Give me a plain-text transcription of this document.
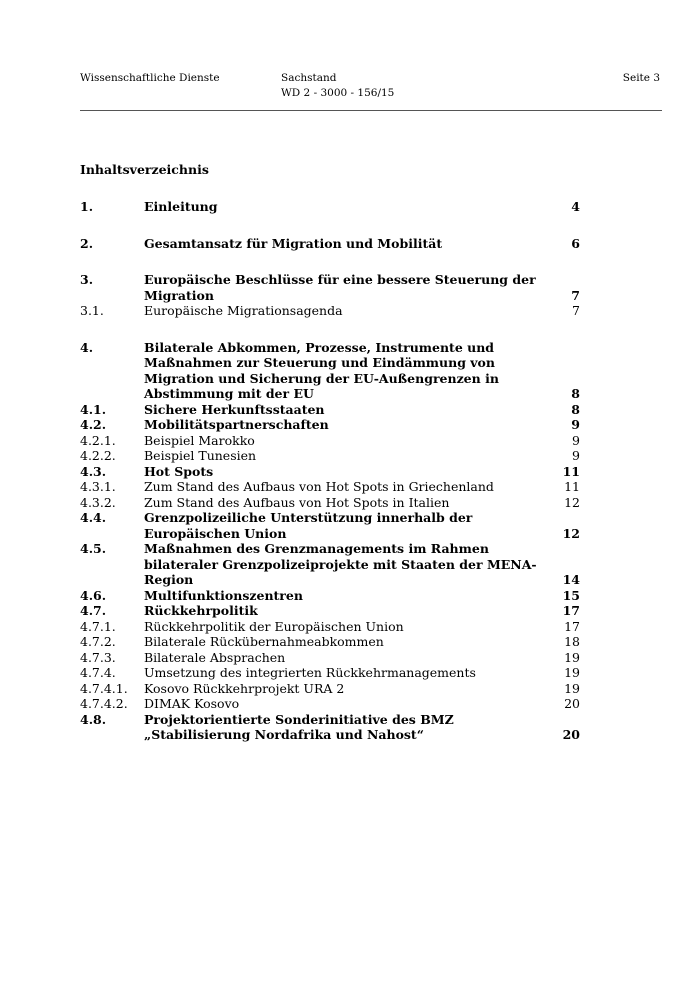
Wissenschaftliche Dienste	Sachstand
WD 2 - 3000 - 156/15
Seite 3
Inhaltsverzeichnis
1.	Einleitung	4
2.	Gesamtansatz für Migration und Mobilität	6
3.	Europäische Beschlüsse für eine bessere Steuerung der Migration	7
3.1.	Europäische Migrationsagenda	7
4.	Bilaterale Abkommen, Prozesse, Instrumente und Maßnahmen zur Steuerung und Eindämmung von Migration und Sicherung der EU-Außengrenzen in Abstimmung mit der EU	8
4.1.	Sichere Herkunftsstaaten	8
4.2.	Mobilitätspartnerschaften	9
4.2.1. Beispiel Marokko	9
4.2.2. Beispiel Tunesien	9
4.3.	Hot Spots	11
4.3.1. Zum Stand des Aufbaus von Hot Spots in Griechenland	11
4.3.2. Zum Stand des Aufbaus von Hot Spots in Italien	12
4.4.	Grenzpolizeiliche Unterstützung innerhalb der Europäischen Union	12
4.5.	Maßnahmen des Grenzmanagements im Rahmen bilateraler Grenzpolizeiprojekte mit Staaten der MENA-Region	14
4.6.	Multifunktionszentren	15
4.7.	Rückkehrpolitik	17
4.7.1. Rückkehrpolitik der Europäischen Union	17
4.7.2. Bilaterale Rückübernahmeabkommen	18
4.7.3. Bilaterale Absprachen	19
4.7.4. Umsetzung des integrierten Rückkehrmanagements	19
4.7.4.1. Kosovo Rückkehrprojekt URA 2	19
4.7.4.2. DIMAK Kosovo	20
4.8.	Projektorientierte Sonderinitiative des BMZ „Stabilisierung Nordafrika und Nahost“	20
